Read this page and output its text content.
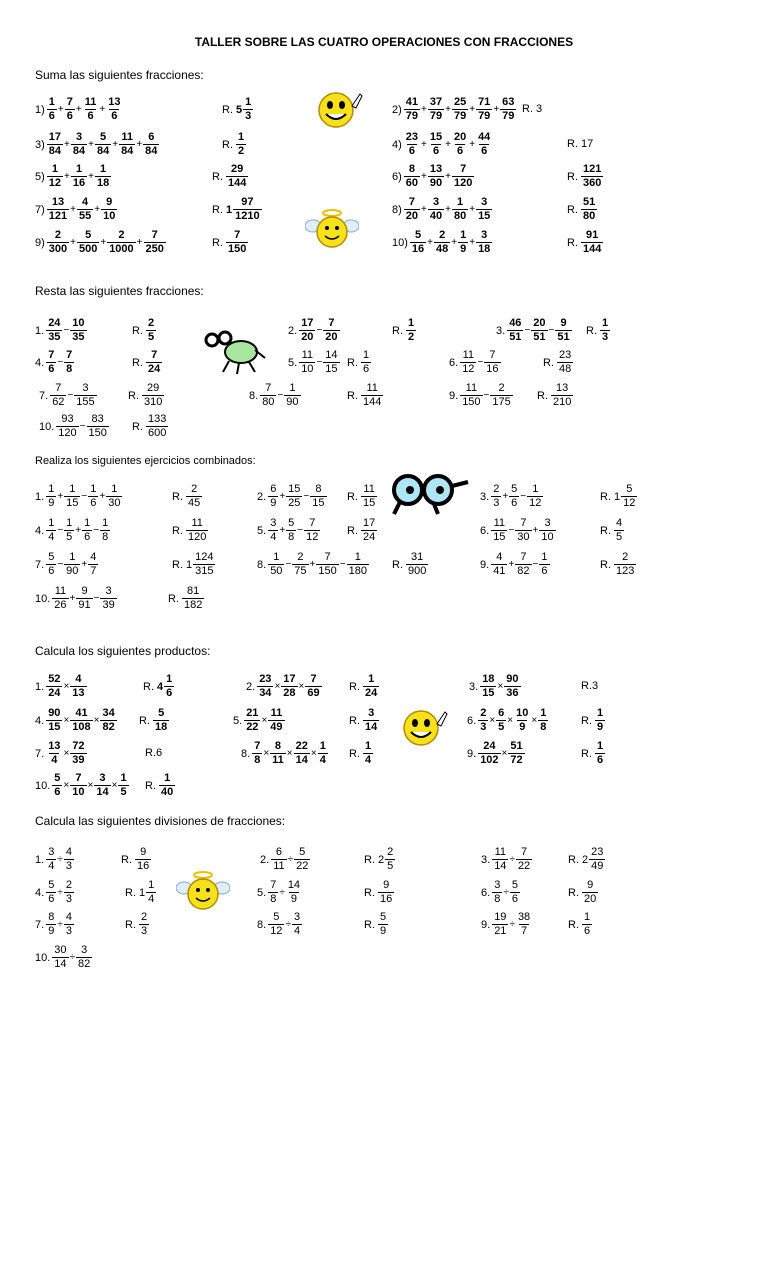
TALLER SOBRE LAS CUATRO OPERACIONES CON FRACCIONES
Suma las siguientes fracciones:
$1) \frac{1}{6} + \frac{7}{6} + \frac{11}{6} + \frac{13}{6}$	R. $5 \frac{1}{3}$	$2) \frac{41}{79} + \frac{37}{79} + \frac{25}{79} + \frac{71}{79} + \frac{63}{79} R$. 3
$3) \frac{17}{84} + \frac{3}{84} + \frac{5}{84} + \frac{11}{84} + \frac{6}{84}$	R. $\frac{1}{2}$	$4) \frac{23}{6} + \frac{15}{6} + \frac{20}{6} + \frac{44}{6}$	R. 17
$5) \frac{1}{12} + \frac{1}{16} + \frac{1}{18}$	R. $\frac{29}{144}$	$6) \frac{8}{60} + \frac{13}{90} + \frac{7}{120}$	R. $\frac{121}{360}$
$7) \frac{13}{121} + \frac{4}{55} + \frac{9}{10}$	R. $1 \frac{97}{1210}$	$8) \frac{7}{20} + \frac{3}{40} + \frac{1}{80} + \frac{3}{15}$	R. $\frac{51}{80}$
$9) \frac{2}{300} + \frac{5}{500} + \frac{2}{1000} + \frac{7}{250}$	R. $\frac{7}{150}$	$10) \frac{5}{16} + \frac{2}{48} + \frac{1}{9} + \frac{3}{18}$	R. $\frac{91}{144}$
Resta las siguientes fracciones:
1. $\frac{24}{35} - \frac{10}{35}$	R. $\frac{2}{5}$	2. $\frac{17}{20} - \frac{7}{20}$	R. $\frac{1}{2}$	3. $\frac{46}{51} - \frac{20}{51} - \frac{9}{51} R$. $\frac{1}{3}$
4. $\frac{7}{6} - \frac{7}{8}$	R. $\frac{7}{24}$	5. $\frac{11}{10} - \frac{14}{15} R$. $\frac{1}{6}$	6. $\frac{11}{12} - \frac{7}{16}$	R. $\frac{23}{48}$
7. $\frac{7}{62} - \frac{3}{155}$	R. $\frac{29}{310}$	8. $\frac{7}{80} - \frac{1}{90}$	R. $\frac{11}{144}$	9. $\frac{11}{150} - \frac{2}{175} R$. $\frac{13}{210}$
10. $\frac{93}{120} - \frac{83}{150} R$. $\frac{133}{600}$
Realiza los siguientes ejercicios combinados:
1. $\frac{1}{9} + \frac{1}{15} - \frac{1}{6} + \frac{1}{30}$	R. $\frac{2}{45}$	2. $\frac{6}{9} + \frac{15}{25} - \frac{8}{15} R$. $\frac{11}{15}$	3. $\frac{2}{3} + \frac{5}{6} - \frac{1}{12}$	R. $1 \frac{5}{12}$
4. $\frac{1}{4} - \frac{1}{5} + \frac{1}{6} - \frac{1}{8}$	R. $\frac{11}{120}$	5. $\frac{3}{4} + \frac{5}{8} - \frac{7}{12} R$. $\frac{17}{24}$	6. $\frac{11}{15} - \frac{7}{30} + \frac{3}{10}$	R. $\frac{4}{5}$
7. $\frac{5}{6} - \frac{1}{90} + \frac{4}{7}$	R. $1 \frac{124}{315}$	8. $\frac{1}{50} - \frac{2}{75} + \frac{7}{150} - \frac{1}{180} R$. $\frac{31}{900}$	9. $\frac{4}{41} + \frac{7}{82} - \frac{1}{6}$	R. $\frac{2}{123}$
10. $\frac{11}{26} + \frac{9}{91} - \frac{3}{39}$	R. $\frac{81}{182}$
Calcula los siguientes productos:
1. $\frac{52}{24} \times \frac{4}{13}$	R. $4 \frac{1}{6}$	2. $\frac{23}{34} \times \frac{17}{28} \times \frac{7}{69} R$. $\frac{1}{24}$	3. $\frac{18}{15} \times \frac{90}{36}$	R.3
4. $\frac{90}{15} \times \frac{41}{108} \times \frac{34}{82} R$. $\frac{5}{18}$	5. $\frac{21}{22} \times \frac{11}{49}$	R. $\frac{3}{14}$	6. $\frac{2}{3} \times \frac{6}{5} \times \frac{10}{9} \times \frac{1}{8}$	R. $\frac{1}{9}$
7. $\frac{13}{4} \times \frac{72}{39}$	R.6	8. $\frac{7}{8} \times \frac{8}{11} \times \frac{22}{14} \times \frac{1}{4} R$. $\frac{1}{4}$	9. $\frac{24}{102} \times \frac{51}{72}$	R. $\frac{1}{6}$
10. $\frac{5}{6} \times \frac{7}{10} \times \frac{3}{14} \times \frac{1}{5} R$. $\frac{1}{40}$
Calcula las siguientes divisiones de fracciones:
1. $\frac{3}{4} \div \frac{4}{3}$	R. $\frac{9}{16}$	2. $\frac{6}{11} \div \frac{5}{22}$	R. $2 \frac{2}{5}$	3. $\frac{11}{14} \div \frac{7}{22}$	R. $2 \frac{23}{49}$
4. $\frac{5}{6} \div \frac{2}{3}$	R. $1 \frac{1}{4}$	5. $\frac{7}{8} \div \frac{14}{9}$	R. $\frac{9}{16}$	6. $\frac{3}{8} \div \frac{5}{6}$	R. $\frac{9}{20}$
7. $\frac{8}{9} \div \frac{4}{3}$	R. $\frac{2}{3}$	8. $\frac{5}{12} \div \frac{3}{4}$	R. $\frac{5}{9}$	9. $\frac{19}{21} \div \frac{38}{7}$	R. $\frac{1}{6}$
10. $\frac{30}{14} \div \frac{3}{82}$
